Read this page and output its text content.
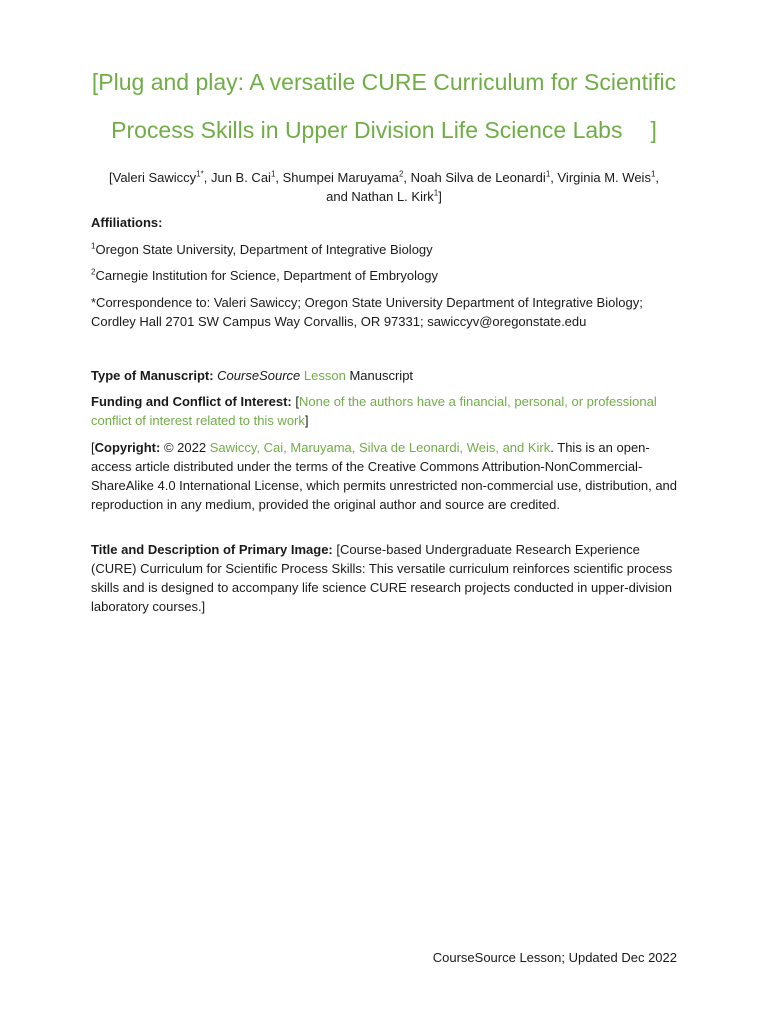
[Plug and play: A versatile CURE Curriculum for Scientific
Process Skills in Upper Division Life Science Labs ]
[Valeri Sawiccy$^{1*}$, Jun B. Cai$^1$, Shumpei Maruyama$^2$, Noah Silva de Leonardi$^1$, Virginia M. Weis$^1$,
and Nathan L. Kirk$^1$]

Affiliations:

$^1$Oregon State University, Department of Integrative Biology

$^2$Carnegie Institution for Science, Department of Embryology

*Correspondence to: Valeri Sawiccy; Oregon State University Department of Integrative Biology; Cordley Hall 2701 SW Campus Way Corvallis, OR 97331; sawiccyv@oregonstate.edu

Type of Manuscript: CourseSource Lesson Manuscript

Funding and Conflict of Interest: [None of the authors have a financial, personal, or professional conflict of interest related to this work]

[Copyright: © 2022 Sawiccy, Cai, Maruyama, Silva de Leonardi, Weis, and Kirk. This is an open-access article distributed under the terms of the Creative Commons Attribution-NonCommercial-ShareAlike 4.0 International License, which permits unrestricted non-commercial use, distribution, and reproduction in any medium, provided the original author and source are credited.

Title and Description of Primary Image: [Course-based Undergraduate Research Experience (CURE) Curriculum for Scientific Process Skills: This versatile curriculum reinforces scientific process skills and is designed to accompany life science CURE research projects conducted in upper-division laboratory courses.]

CourseSource Lesson; Updated Dec 2022
